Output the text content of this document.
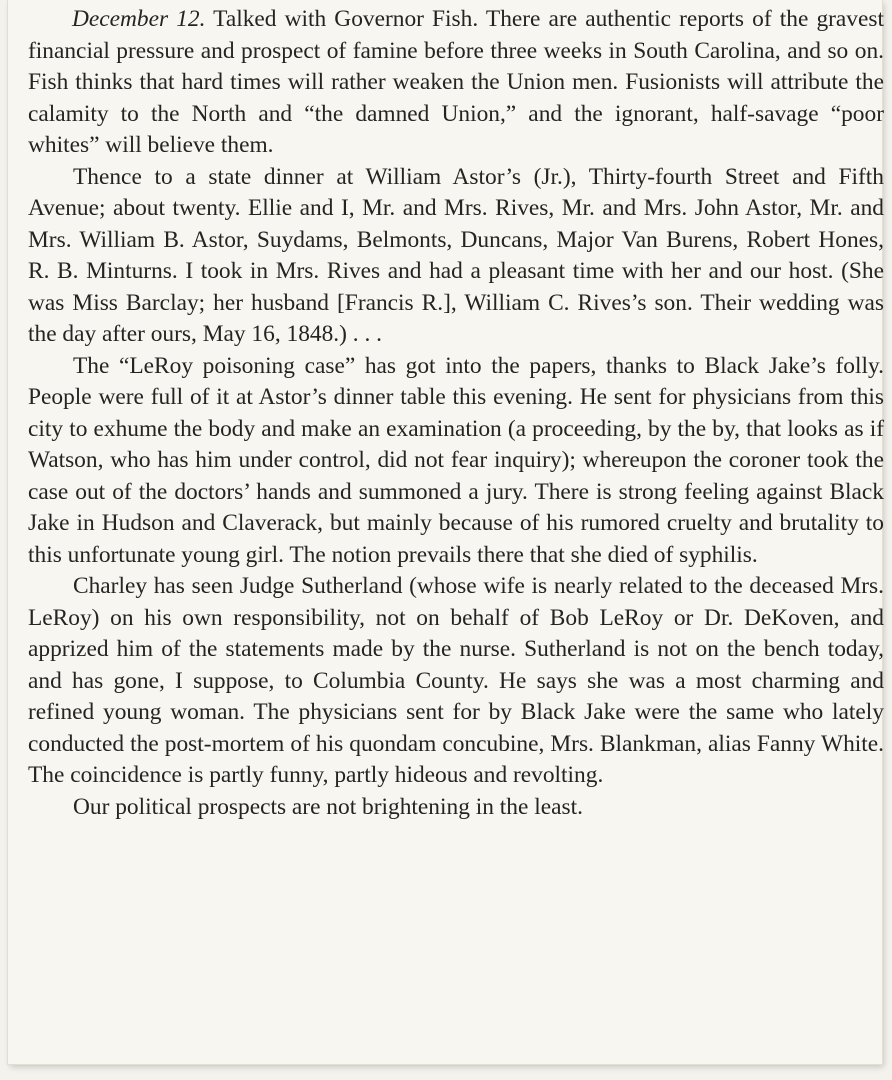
December 12. Talked with Governor Fish. There are authentic reports of the gravest financial pressure and prospect of famine before three weeks in South Carolina, and so on. Fish thinks that hard times will rather weaken the Union men. Fusionists will attribute the calamity to the North and “the damned Union,” and the ignorant, half-savage “poor whites” will believe them.

Thence to a state dinner at William Astor’s (Jr.), Thirty-fourth Street and Fifth Avenue; about twenty. Ellie and I, Mr. and Mrs. Rives, Mr. and Mrs. John Astor, Mr. and Mrs. William B. Astor, Suydams, Belmonts, Duncans, Major Van Burens, Robert Hones, R. B. Minturns. I took in Mrs. Rives and had a pleasant time with her and our host. (She was Miss Barclay; her husband [Francis R.], William C. Rives’s son. Their wedding was the day after ours, May 16, 1848.) . . .

The “LeRoy poisoning case” has got into the papers, thanks to Black Jake’s folly. People were full of it at Astor’s dinner table this evening. He sent for physicians from this city to exhume the body and make an examination (a proceeding, by the by, that looks as if Watson, who has him under control, did not fear inquiry); whereupon the coroner took the case out of the doctors’ hands and summoned a jury. There is strong feeling against Black Jake in Hudson and Claverack, but mainly because of his rumored cruelty and brutality to this unfortunate young girl. The notion prevails there that she died of syphilis.

Charley has seen Judge Sutherland (whose wife is nearly related to the deceased Mrs. LeRoy) on his own responsibility, not on behalf of Bob LeRoy or Dr. DeKoven, and apprized him of the statements made by the nurse. Sutherland is not on the bench today, and has gone, I suppose, to Columbia County. He says she was a most charming and refined young woman. The physicians sent for by Black Jake were the same who lately conducted the post-mortem of his quondam concubine, Mrs. Blankman, alias Fanny White. The coincidence is partly funny, partly hideous and revolting.

Our political prospects are not brightening in the least.
